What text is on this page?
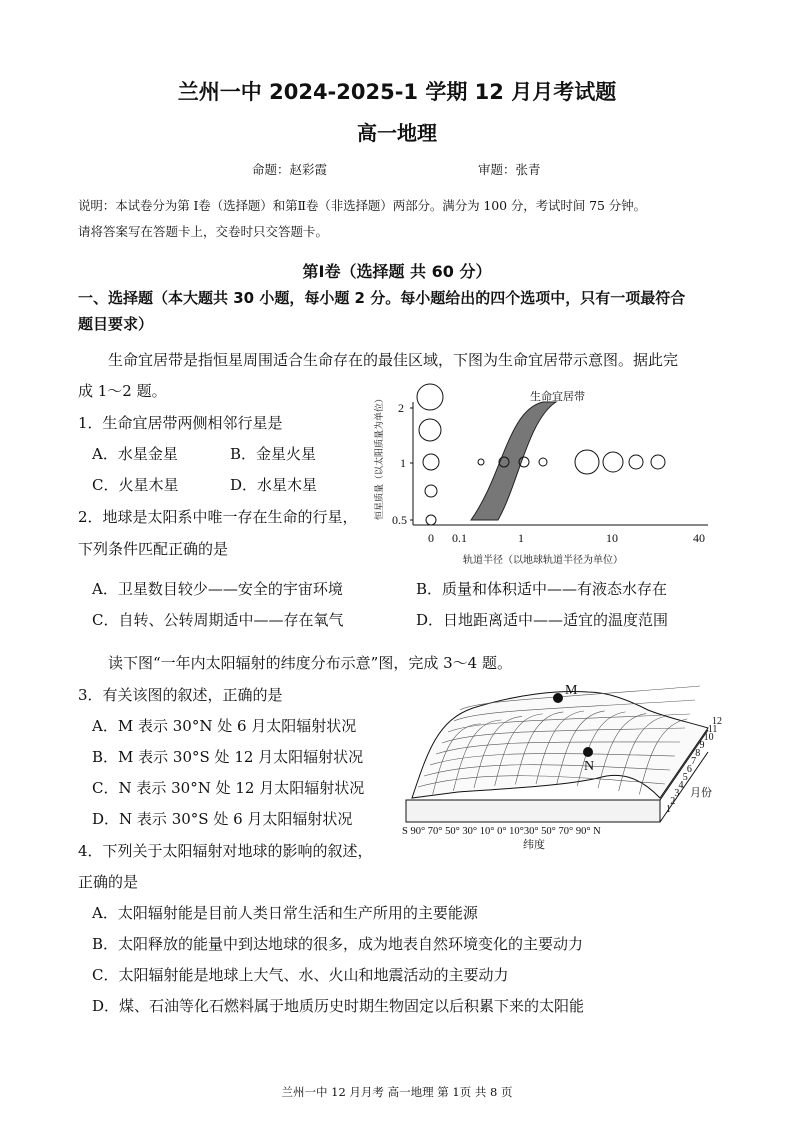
兰州一中 2024-2025-1 学期 12 月月考试题
高一地理
命题：赵彩霞	审题：张青
说明：本试卷分为第 Ⅰ卷（选择题）和第Ⅱ卷（非选择题）两部分。满分为 100 分，考试时间 75 分钟。
请将答案写在答题卡上，交卷时只交答题卡。
第Ⅰ卷（选择题 共 60 分）
一、选择题（本大题共 30 小题，每小题 2 分。每小题给出的四个选项中，只有一项最符合
题目要求）
生命宜居带是指恒星周围适合生命存在的最佳区域，下图为生命宜居带示意图。据此完
成 1～2 题。
1．生命宜居带两侧相邻行星是
A．水星金星	B．金星火星
C．火星木星	D．水星木星
2．地球是太阳系中唯一存在生命的行星，
下列条件匹配正确的是
A．卫星数目较少——安全的宇宙环境	B．质量和体积适中——有液态水存在
C．自转、公转周期适中——存在氧气	D．日地距离适中——适宜的温度范围
2
1
0.5
0 0.1	1	10	40
轨道半径（以地球轨道半径为单位）
恒星质量（以太阳质量为单位）	生命宜居带
读下图“一年内太阳辐射的纬度分布示意”图，完成 3～4 题。
3．有关该图的叙述，正确的是
A．M 表示 30°N 处 6 月太阳辐射状况
B．M 表示 30°S 处 12 月太阳辐射状况
C．N 表示 30°N 处 12 月太阳辐射状况
D．N 表示 30°S 处 6 月太阳辐射状况
M
N
1
2
3
4
5
6
7
8
9
10
11
12
月份
S 90° 70° 50° 30° 10° 0° 10°30° 50° 70° 90° N
纬度
4．下列关于太阳辐射对地球的影响的叙述，
正确的是
A．太阳辐射能是目前人类日常生活和生产所用的主要能源
B．太阳释放的能量中到达地球的很多，成为地表自然环境变化的主要动力
C．太阳辐射能是地球上大气、水、火山和地震活动的主要动力
D．煤、石油等化石燃料属于地质历史时期生物固定以后积累下来的太阳能
兰州一中 12 月月考 高一地理 第 1页 共 8 页
